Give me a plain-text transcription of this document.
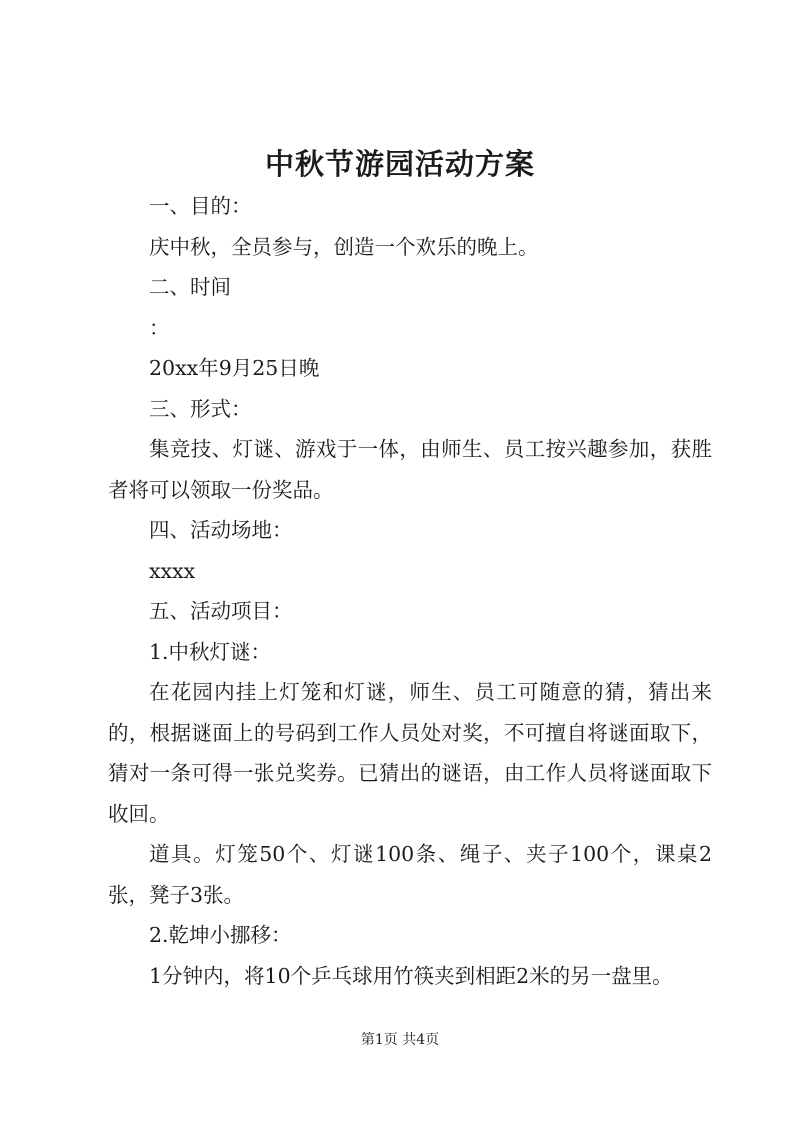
中秋节游园活动方案

一、目的：

庆中秋，全员参与，创造一个欢乐的晚上。

二、时间

：

20xx年9月25日晚

三、形式：

集竞技、灯谜、游戏于一体，由师生、员工按兴趣参加，获胜者将可以领取一份奖品。

四、活动场地：

xxxx

五、活动项目：

1.中秋灯谜：

在花园内挂上灯笼和灯谜，师生、员工可随意的猜，猜出来的，根据谜面上的号码到工作人员处对奖，不可擅自将谜面取下，猜对一条可得一张兑奖券。已猜出的谜语，由工作人员将谜面取下收回。

道具。灯笼50个、灯谜100条、绳子、夹子100个，课桌2张，凳子3张。

2.乾坤小挪移：

1分钟内，将10个乒乓球用竹筷夹到相距2米的另一盘里。

第1页 共4页
